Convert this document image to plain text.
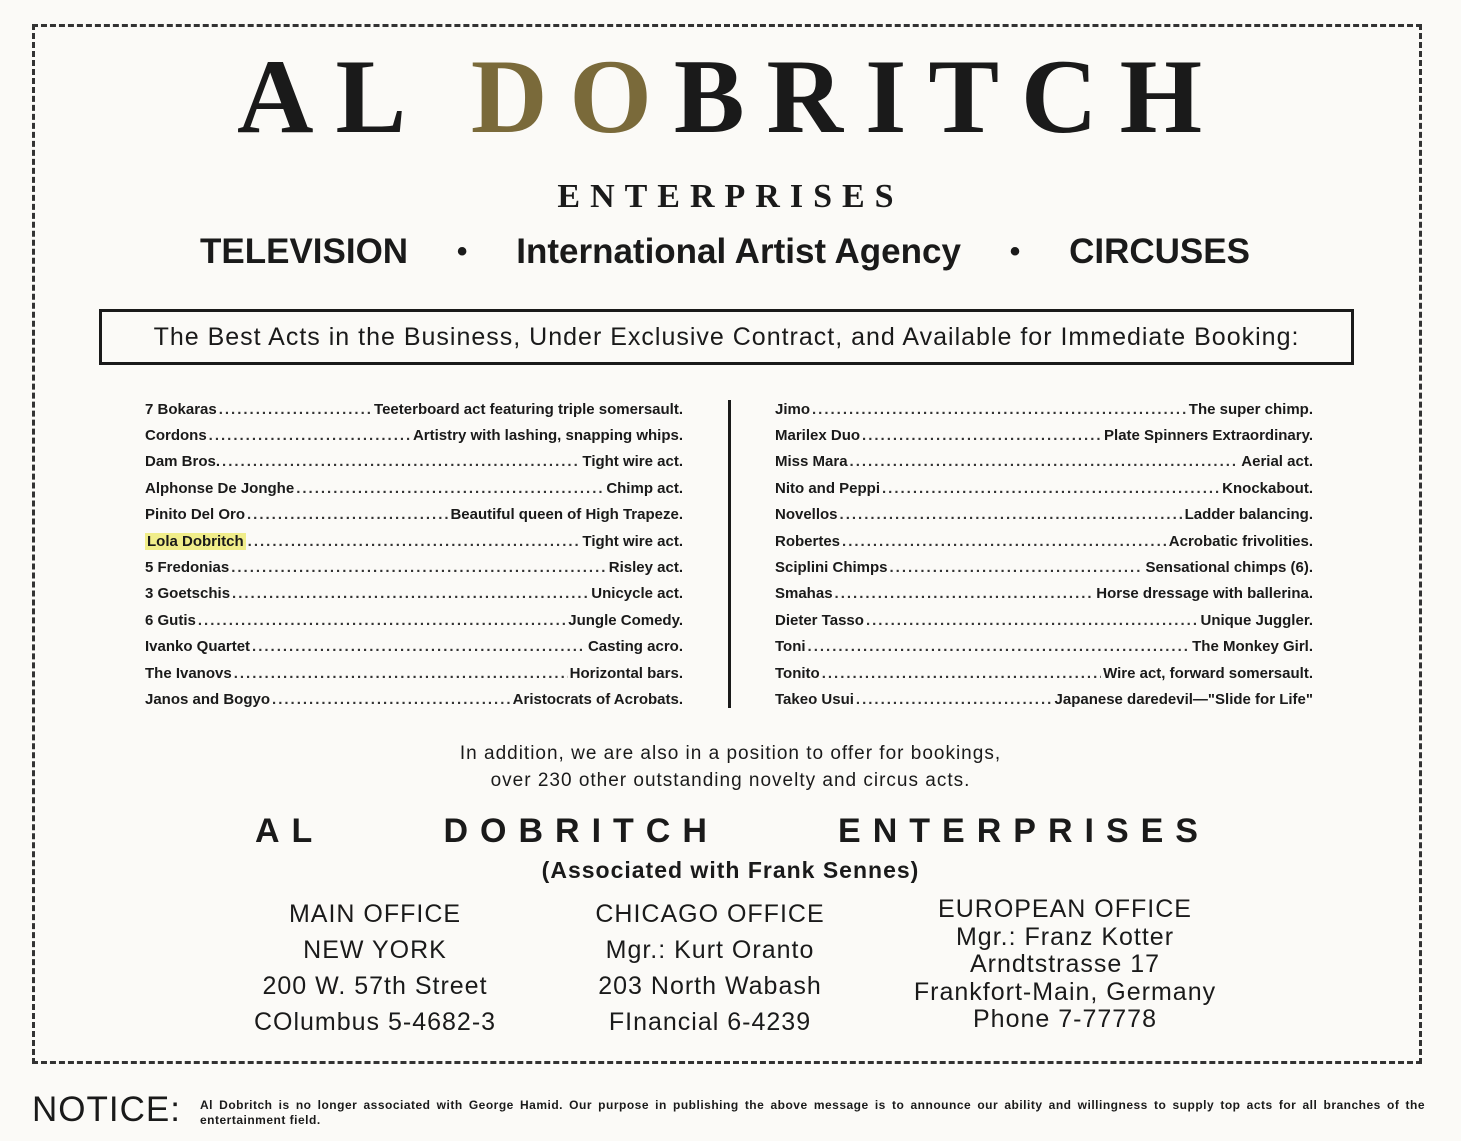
AL DOBRITCH
ENTERPRISES
TELEVISION • International Artist Agency • CIRCUSES
The Best Acts in the Business, Under Exclusive Contract, and Available for Immediate Booking:
7 Bokaras .....	Teeterboard act featuring triple somersault.
Cordons .....	Artistry with lashing, snapping whips.
Dam Bros. .....	Tight wire act.
Alphonse De Jonghe .....	Chimp act.
Pinito Del Oro .....	Beautiful queen of High Trapeze.
Lola Dobritch .....	Tight wire act.
5 Fredonias .....	Risley act.
3 Goetschis .....	Unicycle act.
6 Gutis .....	Jungle Comedy.
Ivanko Quartet .....	Casting acro.
The Ivanovs .....	Horizontal bars.
Janos and Bogyo .....	Aristocrats of Acrobats.
Jimo .....	The super chimp.
Marilex Duo .....	Plate Spinners Extraordinary.
Miss Mara .....	Aerial act.
Nito and Peppi .....	Knockabout.
Novellos .....	Ladder balancing.
Robertes .....	Acrobatic frivolities.
Sciplini Chimps .....	Sensational chimps (6).
Smahas .....	Horse dressage with ballerina.
Dieter Tasso .....	Unique Juggler.
Toni .....	The Monkey Girl.
Tonito .....	Wire act, forward somersault.
Takeo Usui .....	Japanese daredevil—"Slide for Life"
In addition, we are also in a position to offer for bookings,
over 230 other outstanding novelty and circus acts.
AL	DOBRITCH	ENTERPRISES
(Associated with Frank Sennes)
MAIN OFFICE
NEW YORK
200 W. 57th Street
COlumbus 5-4682-3
CHICAGO OFFICE
Mgr.: Kurt Oranto
203 North Wabash
FInancial 6-4239
EUROPEAN OFFICE
Mgr.: Franz Kotter
Arndtstrasse 17
Frankfort-Main, Germany
Phone 7-77778
NOTICE: Al Dobritch is no longer associated with George Hamid. Our purpose in publishing the above message is to announce our ability and willingness to supply top acts for all branches of the entertainment field.
